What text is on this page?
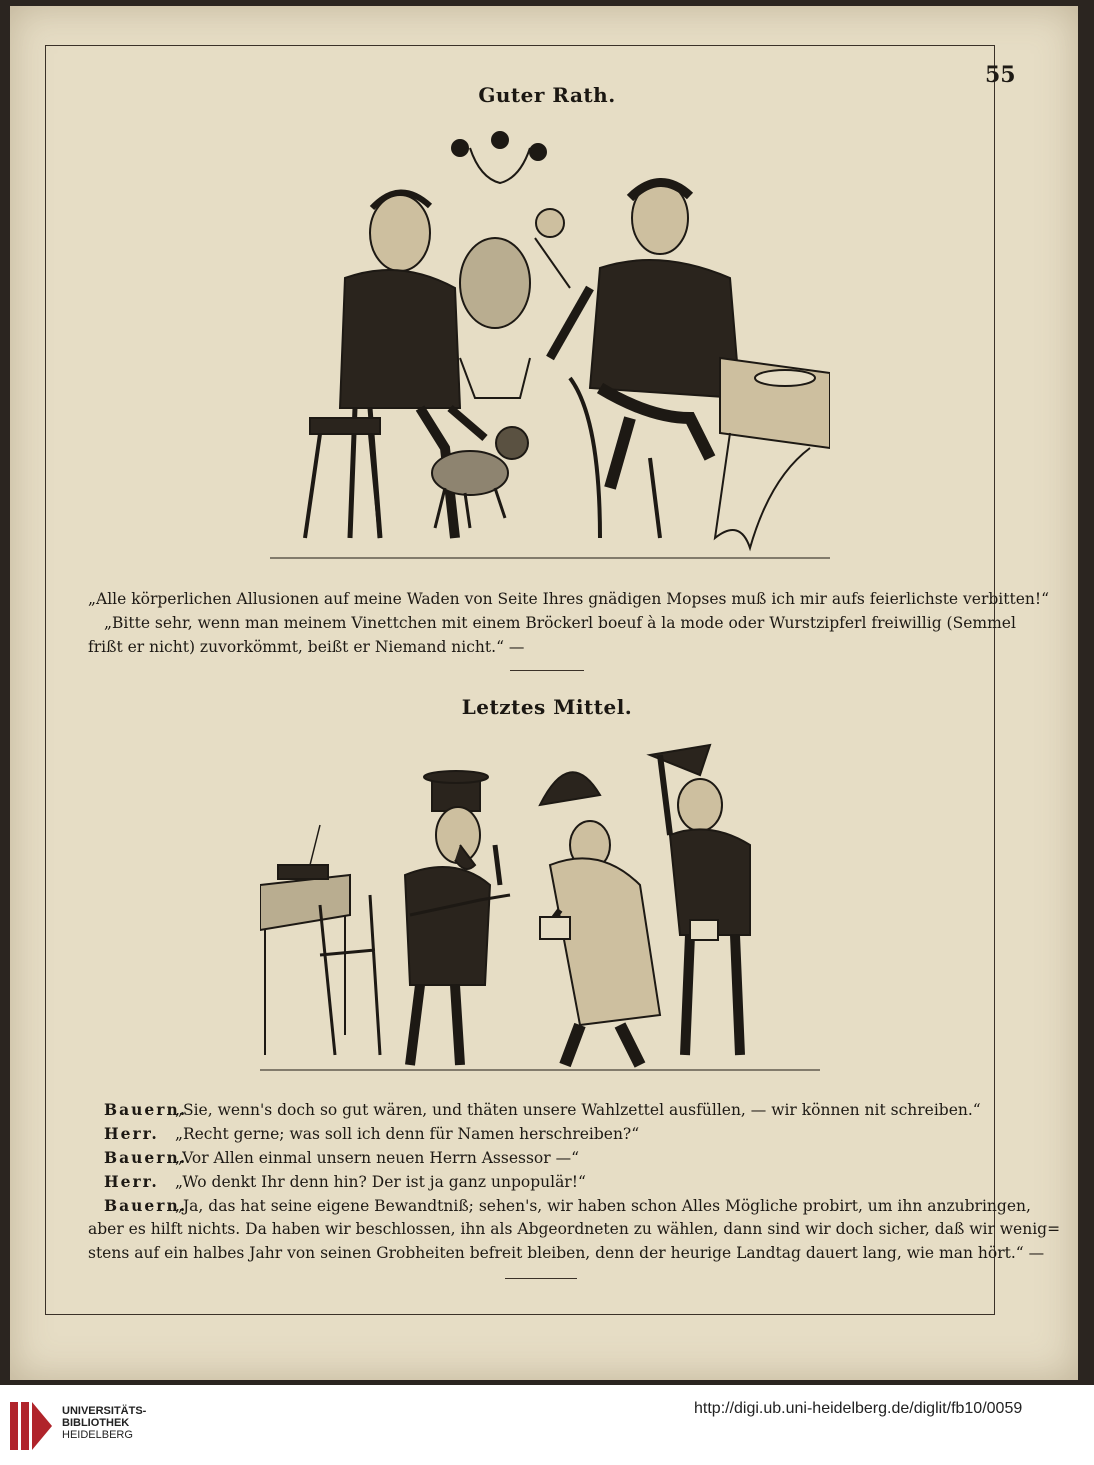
55
Guter Rath.
„Alle körperlichen Allusionen auf meine Waden von Seite Ihres gnädigen Mopses muß ich mir aufs feierlichste verbitten!“
„Bitte sehr, wenn man meinem Vinettchen mit einem Bröckerl boeuf à la mode oder Wurstzipferl freiwillig (Semmel
frißt er nicht) zuvorkömmt, beißt er Niemand nicht.“ —
Letztes Mittel.
Bauern. „Sie, wenn's doch so gut wären, und thäten unsere Wahlzettel ausfüllen, — wir können nit schreiben.“
Herr. „Recht gerne; was soll ich denn für Namen herschreiben?“
Bauern. „Vor Allen einmal unsern neuen Herrn Assessor —“
Herr. „Wo denkt Ihr denn hin? Der ist ja ganz unpopulär!“
Bauern. „Ja, das hat seine eigene Bewandtniß; sehen's, wir haben schon Alles Mögliche probirt, um ihn anzubringen,
aber es hilft nichts. Da haben wir beschlossen, ihn als Abgeordneten zu wählen, dann sind wir doch sicher, daß wir wenig=
stens auf ein halbes Jahr von seinen Grobheiten befreit bleiben, denn der heurige Landtag dauert lang, wie man hört.“ —
UNIVERSITÄTS-
BIBLIOTHEK
HEIDELBERG
http://digi.ub.uni-heidelberg.de/diglit/fb10/0059
